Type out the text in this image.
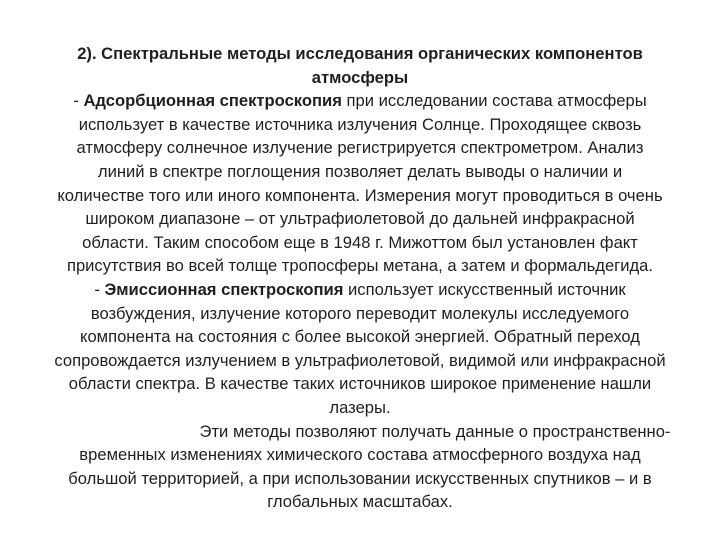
2). Спектральные методы исследования органических компонентов
атмосферы
- Адсорбционная спектроскопия при исследовании состава атмосферы
использует в качестве источника излучения Солнце. Проходящее сквозь
атмосферу солнечное излучение регистрируется спектрометром. Анализ
линий в спектре поглощения позволяет делать выводы о наличии и
количестве того или иного компонента. Измерения могут проводиться в очень
широком диапазоне – от ультрафиолетовой до дальней инфракрасной
области. Таким способом еще в 1948 г. Мижоттом был установлен факт
присутствия во всей толще тропосферы метана, а затем и формальдегида.
- Эмиссионная спектроскопия использует искусственный источник
возбуждения, излучение которого переводит молекулы исследуемого
компонента на состояния с более высокой энергией. Обратный переход
сопровождается излучением в ультрафиолетовой, видимой или инфракрасной
области спектра. В качестве таких источников широкое применение нашли
лазеры.
Эти методы позволяют получать данные о пространственно-
временных изменениях химического состава атмосферного воздуха над
большой территорией, а при использовании искусственных спутников – и в
глобальных масштабах.
